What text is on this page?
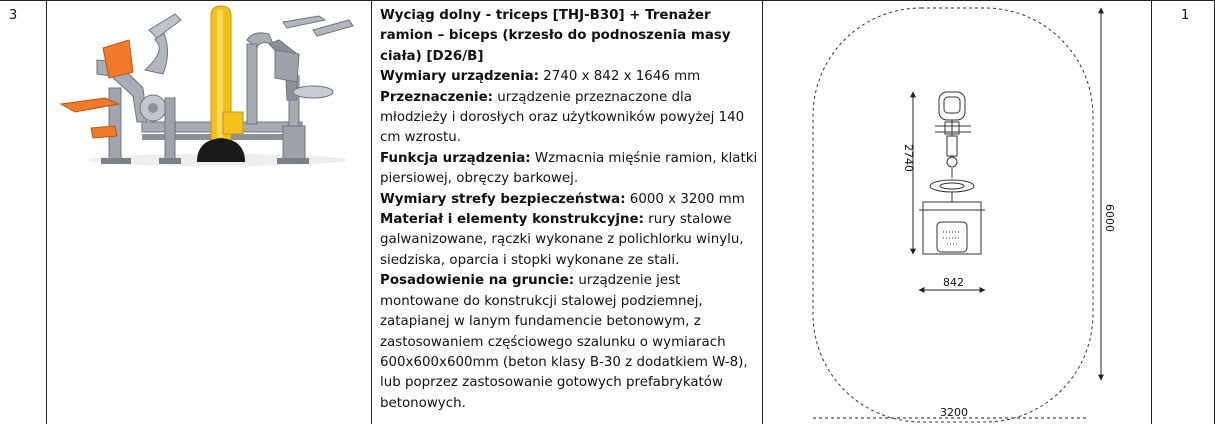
3	Wyciąg dolny - triceps [THJ-B30] + Trenażer ramion – biceps (krzesło do podnoszenia masy ciała) [D26/B]

Wymiary urządzenia: 2740 x 842 x 1646 mm

Przeznaczenie: urządzenie przeznaczone dla młodzieży i dorosłych oraz użytkowników powyżej 140 cm wzrostu.

Funkcja urządzenia: Wzmacnia mięśnie ramion, klatki piersiowej, obręczy barkowej.

Wymiary strefy bezpieczeństwa: 6000 x 3200 mm

Materiał i elementy konstrukcyjne: rury stalowe galwanizowane, rączki wykonane z polichlorku winylu, siedziska, oparcia i stopki wykonane ze stali.

Posadowienie na gruncie: urządzenie jest montowane do konstrukcji stalowej podziemnej, zatapianej w lanym fundamencie betonowym, z zastosowaniem częściowego szalunku o wymiarach 600x600x600mm (beton klasy B-30 z dodatkiem W-8), lub poprzez zastosowanie gotowych prefabrykatów betonowych.

6000
3200
2740
842
1
